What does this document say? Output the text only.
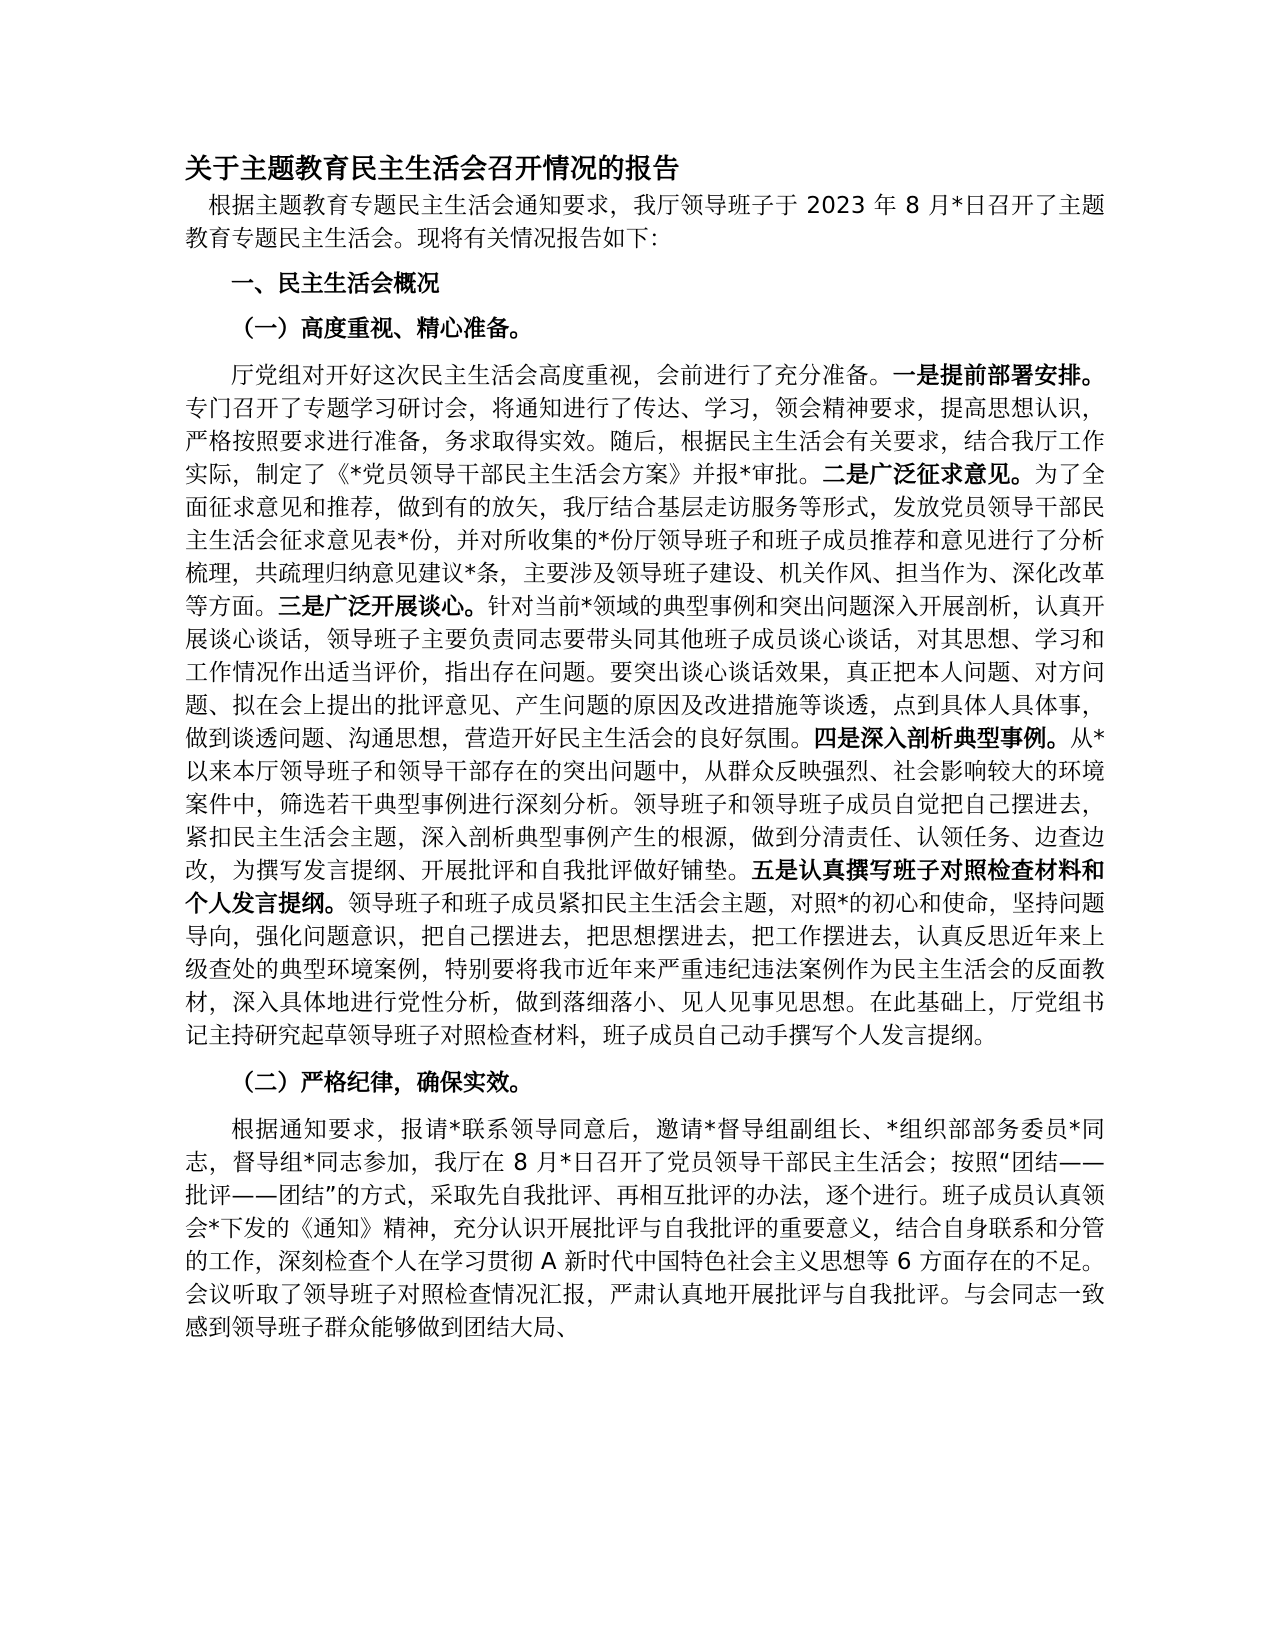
关于主题教育民主生活会召开情况的报告

根据主题教育专题民主生活会通知要求，我厅领导班子于 2023 年 8 月*日召开了主题教育专题民主生活会。现将有关情况报告如下：

一、民主生活会概况

（一）高度重视、精心准备。

厅党组对开好这次民主生活会高度重视，会前进行了充分准备。一是提前部署安排。专门召开了专题学习研讨会，将通知进行了传达、学习，领会精神要求，提高思想认识，严格按照要求进行准备，务求取得实效。随后，根据民主生活会有关要求，结合我厅工作实际，制定了《*党员领导干部民主生活会方案》并报*审批。二是广泛征求意见。为了全面征求意见和推荐，做到有的放矢，我厅结合基层走访服务等形式，发放党员领导干部民主生活会征求意见表*份，并对所收集的*份厅领导班子和班子成员推荐和意见进行了分析梳理，共疏理归纳意见建议*条，主要涉及领导班子建设、机关作风、担当作为、深化改革等方面。三是广泛开展谈心。针对当前*领域的典型事例和突出问题深入开展剖析，认真开展谈心谈话，领导班子主要负责同志要带头同其他班子成员谈心谈话，对其思想、学习和工作情况作出适当评价，指出存在问题。要突出谈心谈话效果，真正把本人问题、对方问题、拟在会上提出的批评意见、产生问题的原因及改进措施等谈透，点到具体人具体事，做到谈透问题、沟通思想，营造开好民主生活会的良好氛围。四是深入剖析典型事例。从*以来本厅领导班子和领导干部存在的突出问题中，从群众反映强烈、社会影响较大的环境案件中，筛选若干典型事例进行深刻分析。领导班子和领导班子成员自觉把自己摆进去，紧扣民主生活会主题，深入剖析典型事例产生的根源，做到分清责任、认领任务、边查边改，为撰写发言提纲、开展批评和自我批评做好铺垫。五是认真撰写班子对照检查材料和个人发言提纲。领导班子和班子成员紧扣民主生活会主题，对照*的初心和使命，坚持问题导向，强化问题意识，把自己摆进去，把思想摆进去，把工作摆进去，认真反思近年来上级查处的典型环境案例，特别要将我市近年来严重违纪违法案例作为民主生活会的反面教材，深入具体地进行党性分析，做到落细落小、见人见事见思想。在此基础上，厅党组书记主持研究起草领导班子对照检查材料，班子成员自己动手撰写个人发言提纲。

（二）严格纪律，确保实效。

根据通知要求，报请*联系领导同意后，邀请*督导组副组长、*组织部部务委员*同志，督导组*同志参加，我厅在 8 月*日召开了党员领导干部民主生活会；按照“团结——批评——团结”的方式，采取先自我批评、再相互批评的办法，逐个进行。班子成员认真领会*下发的《通知》精神，充分认识开展批评与自我批评的重要意义，结合自身联系和分管的工作，深刻检查个人在学习贯彻 A 新时代中国特色社会主义思想等 6 方面存在的不足。会议听取了领导班子对照检查情况汇报，严肃认真地开展批评与自我批评。与会同志一致感到领导班子群众能够做到团结大局、
